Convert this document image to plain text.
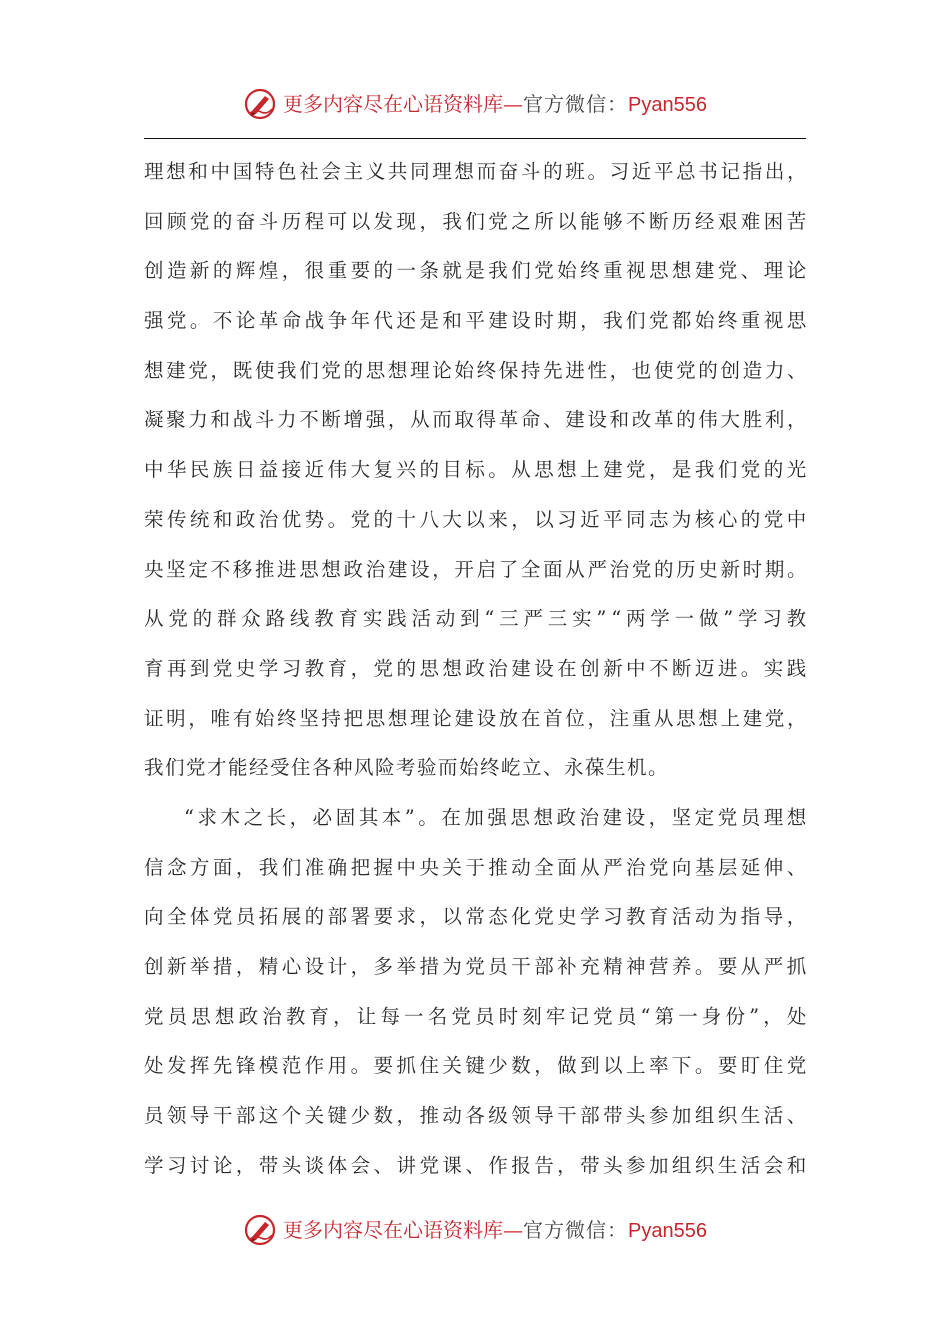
更多内容尽在心语资料库—官方微信：Pyan556
理 想 和 中 国 特 色 社 会 主 义 共 同 理 想 而 奋 斗 的 班 。 习 近 平 总 书 记 指 出 ，
回 顾 党 的 奋 斗 历 程 可 以 发 现 ， 我 们 党 之 所 以 能 够 不 断 历 经 艰 难 困 苦
创 造 新 的 辉 煌 ， 很 重 要 的 一 条 就 是 我 们 党 始 终 重 视 思 想 建 党 、 理 论
强 党 。 不 论 革 命 战 争 年 代 还 是 和 平 建 设 时 期 ， 我 们 党 都 始 终 重 视 思
想 建 党 ， 既 使 我 们 党 的 思 想 理 论 始 终 保 持 先 进 性 ， 也 使 党 的 创 造 力 、
凝 聚 力 和 战 斗 力 不 断 增 强 ， 从 而 取 得 革 命 、 建 设 和 改 革 的 伟 大 胜 利 ，
中 华 民 族 日 益 接 近 伟 大 复 兴 的 目 标 。 从 思 想 上 建 党 ， 是 我 们 党 的 光
荣 传 统 和 政 治 优 势 。 党 的 十 八 大 以 来 ， 以 习 近 平 同 志 为 核 心 的 党 中
央 坚 定 不 移 推 进 思 想 政 治 建 设 ， 开 启 了 全 面 从 严 治 党 的 历 史 新 时 期 。
从 党 的 群 众 路 线 教 育 实 践 活 动 到 “ 三 严 三 实 ” “ 两 学 一 做 ” 学 习 教
育 再 到 党 史 学 习 教 育 ， 党 的 思 想 政 治 建 设 在 创 新 中 不 断 迈 进 。 实 践
证 明 ， 唯 有 始 终 坚 持 把 思 想 理 论 建 设 放 在 首 位 ， 注 重 从 思 想 上 建 党 ，
我们党才能经受住各种风险考验而始终屹立、永葆生机。
“ 求 木 之 长 ， 必 固 其 本 ” 。 在 加 强 思 想 政 治 建 设 ， 坚 定 党 员 理 想
信 念 方 面 ， 我 们 准 确 把 握 中 央 关 于 推 动 全 面 从 严 治 党 向 基 层 延 伸 、
向 全 体 党 员 拓 展 的 部 署 要 求 ， 以 常 态 化 党 史 学 习 教 育 活 动 为 指 导 ，
创 新 举 措 ， 精 心 设 计 ， 多 举 措 为 党 员 干 部 补 充 精 神 营 养 。 要 从 严 抓
党 员 思 想 政 治 教 育 ， 让 每 一 名 党 员 时 刻 牢 记 党 员 “ 第 一 身 份 ” ， 处
处 发 挥 先 锋 模 范 作 用 。 要 抓 住 关 键 少 数 ， 做 到 以 上 率 下 。 要 盯 住 党
员 领 导 干 部 这 个 关 键 少 数 ， 推 动 各 级 领 导 干 部 带 头 参 加 组 织 生 活 、
学 习 讨 论 ， 带 头 谈 体 会 、 讲 党 课 、 作 报 告 ， 带 头 参 加 组 织 生 活 会 和
更多内容尽在心语资料库—官方微信：Pyan556
